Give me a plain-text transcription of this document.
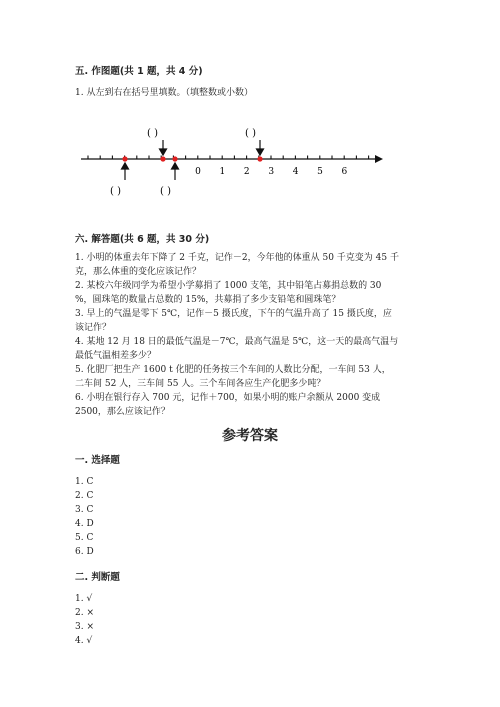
五. 作图题(共 1 题，共 4 分)
1. 从左到右在括号里填数。（填整数或小数）
0 1 2 3 4 5 6
( )	( )
( )	( )
六. 解答题(共 6 题，共 30 分)
1. 小明的体重去年下降了 2 千克，记作－2，今年他的体重从 50 千克变为 45 千
克，那么体重的变化应该记作？
2. 某校六年级同学为希望小学募捐了 1000 支笔，其中铅笔占募捐总数的 30
%，圆珠笔的数量占总数的 15%，共募捐了多少支铅笔和圆珠笔？
3. 早上的气温是零下 5℃，记作－5 摄氏度，下午的气温升高了 15 摄氏度，应
该记作？
4. 某地 12 月 18 日的最低气温是－7℃，最高气温是 5℃，这一天的最高气温与
最低气温相差多少？
5. 化肥厂把生产 1600 t 化肥的任务按三个车间的人数比分配，一车间 53 人，
二车间 52 人，三车间 55 人。三个车间各应生产化肥多少吨？
6. 小明在银行存入 700 元，记作＋700，如果小明的账户余额从 2000 变成
2500，那么应该记作？
参考答案
一. 选择题
1. C
2. C
3. C
4. D
5. C
6. D
二. 判断题
1. √
2. ×
3. ×
4. √
